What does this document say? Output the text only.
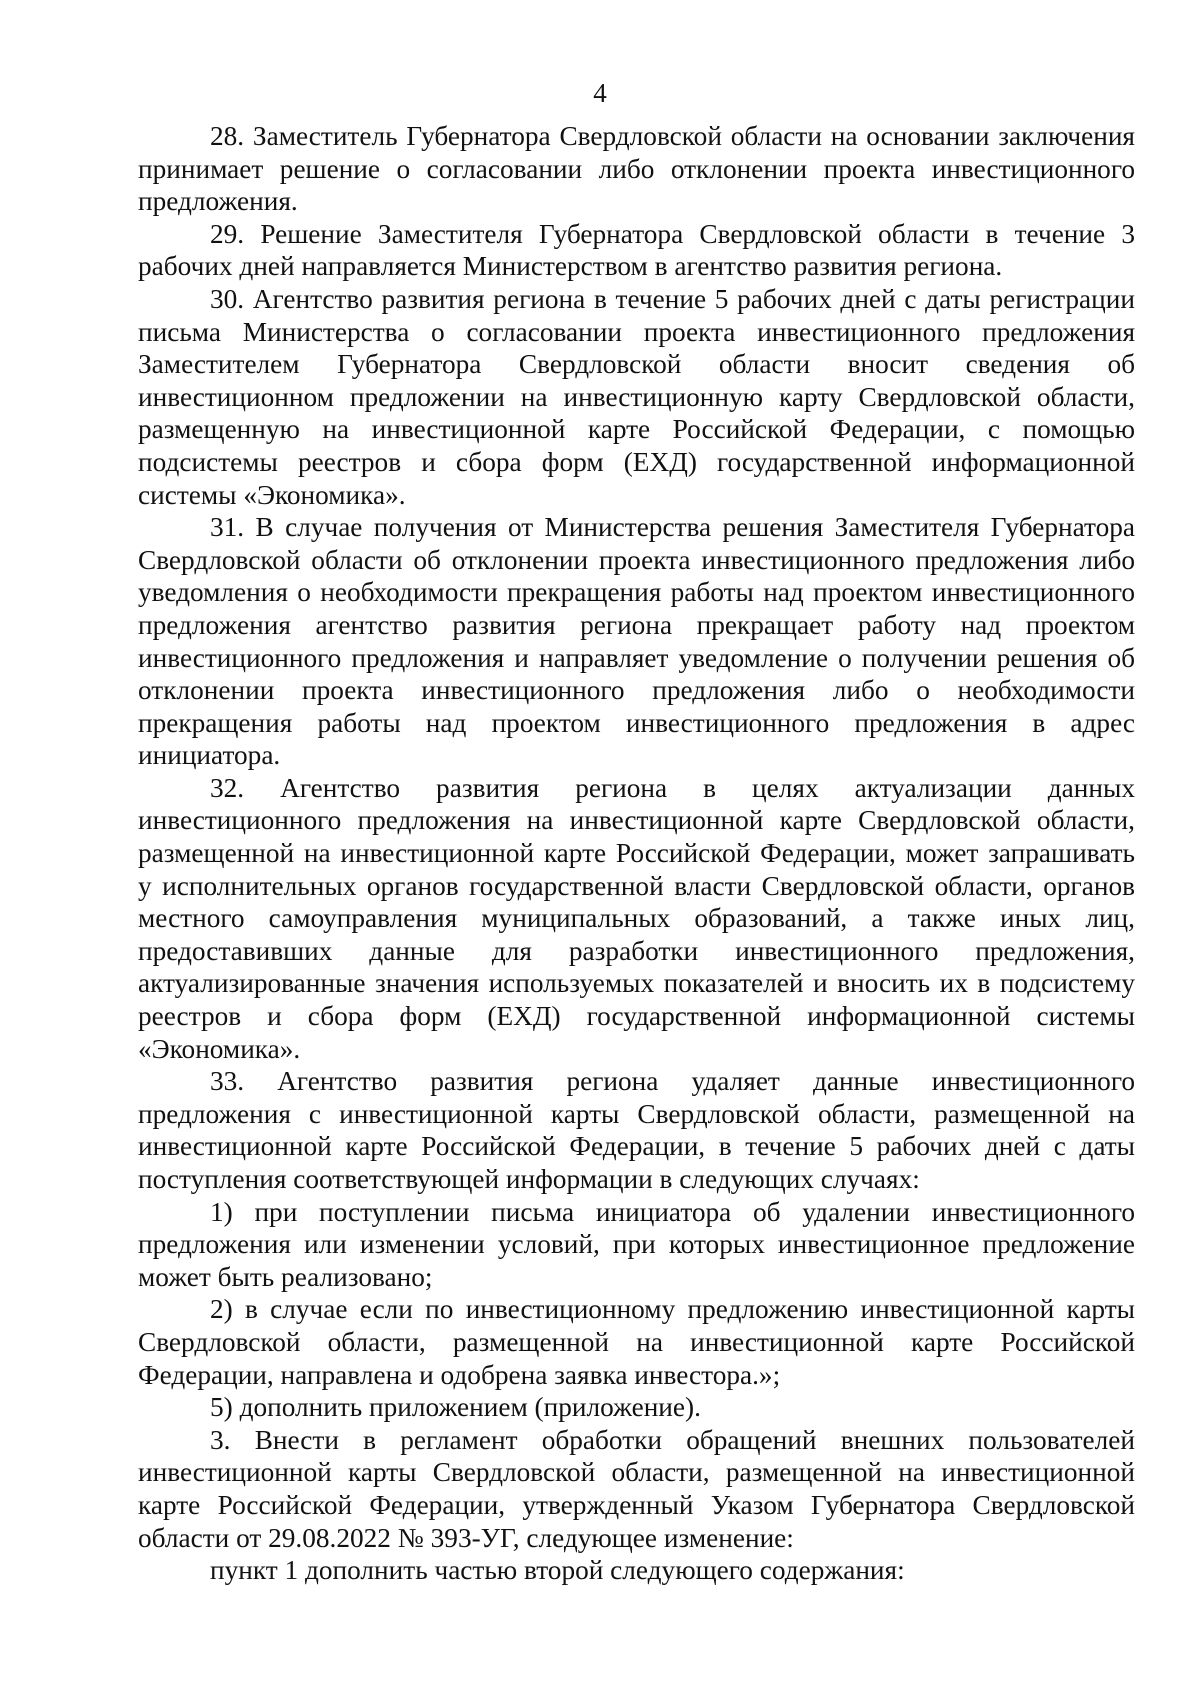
4

28. Заместитель Губернатора Свердловской области на основании заключения принимает решение о согласовании либо отклонении проекта инвестиционного предложения.

29. Решение Заместителя Губернатора Свердловской области в течение 3 рабочих дней направляется Министерством в агентство развития региона.

30. Агентство развития региона в течение 5 рабочих дней с даты регистрации письма Министерства о согласовании проекта инвестиционного предложения Заместителем Губернатора Свердловской области вносит сведения об инвестиционном предложении на инвестиционную карту Свердловской области, размещенную на инвестиционной карте Российской Федерации, с помощью подсистемы реестров и сбора форм (ЕХД) государственной информационной системы «Экономика».

31. В случае получения от Министерства решения Заместителя Губернатора Свердловской области об отклонении проекта инвестиционного предложения либо уведомления о необходимости прекращения работы над проектом инвестиционного предложения агентство развития региона прекращает работу над проектом инвестиционного предложения и направляет уведомление о получении решения об отклонении проекта инвестиционного предложения либо о необходимости прекращения работы над проектом инвестиционного предложения в адрес инициатора.

32. Агентство развития региона в целях актуализации данных инвестиционного предложения на инвестиционной карте Свердловской области, размещенной на инвестиционной карте Российской Федерации, может запрашивать у исполнительных органов государственной власти Свердловской области, органов местного самоуправления муниципальных образований, а также иных лиц, предоставивших данные для разработки инвестиционного предложения, актуализированные значения используемых показателей и вносить их в подсистему реестров и сбора форм (ЕХД) государственной информационной системы «Экономика».

33. Агентство развития региона удаляет данные инвестиционного предложения с инвестиционной карты Свердловской области, размещенной на инвестиционной карте Российской Федерации, в течение 5 рабочих дней с даты поступления соответствующей информации в следующих случаях:

1) при поступлении письма инициатора об удалении инвестиционного предложения или изменении условий, при которых инвестиционное предложение может быть реализовано;

2) в случае если по инвестиционному предложению инвестиционной карты Свердловской области, размещенной на инвестиционной карте Российской Федерации, направлена и одобрена заявка инвестора.»;

5) дополнить приложением (приложение).

3. Внести в регламент обработки обращений внешних пользователей инвестиционной карты Свердловской области, размещенной на инвестиционной карте Российской Федерации, утвержденный Указом Губернатора Свердловской области от 29.08.2022 № 393-УГ, следующее изменение:

пункт 1 дополнить частью второй следующего содержания:
